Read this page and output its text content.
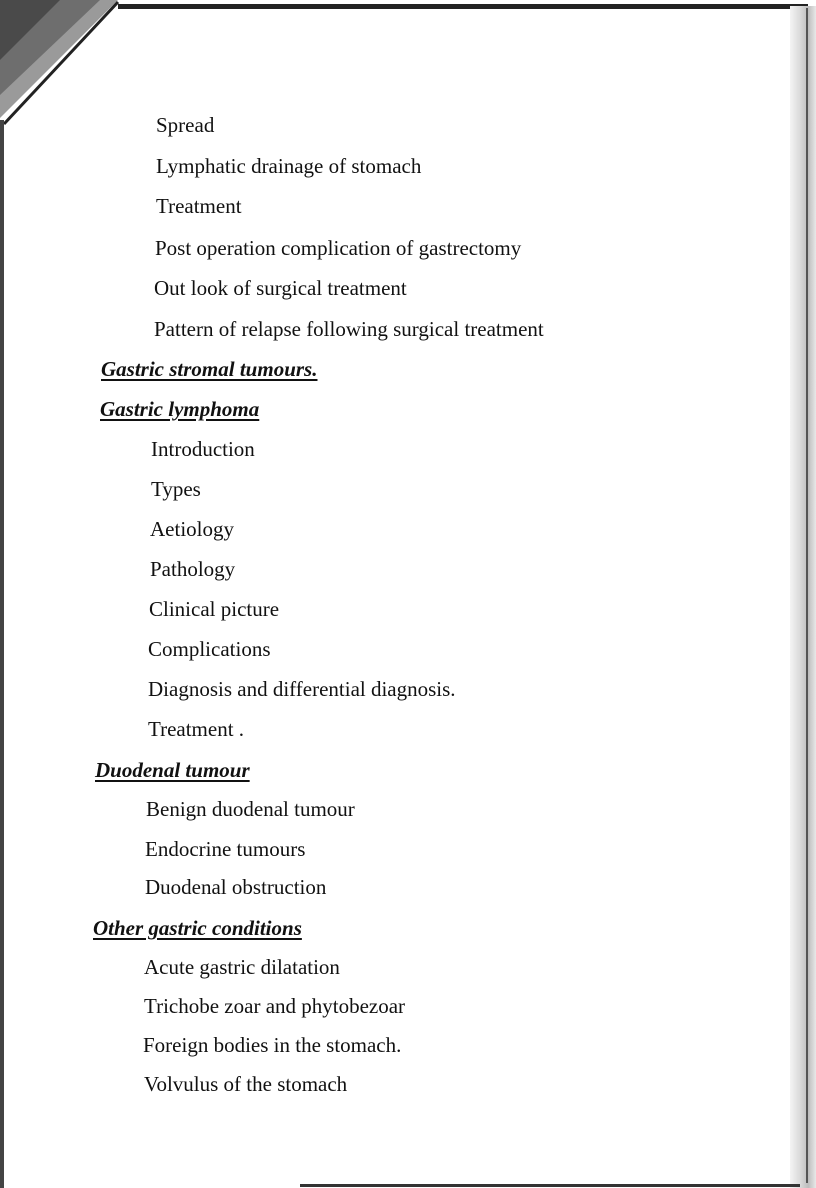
Spread

Lymphatic drainage of stomach

Treatment

Post operation complication of gastrectomy

Out look of surgical treatment

Pattern of relapse following surgical treatment

Gastric stromal tumours.

Gastric lymphoma

Introduction

Types

Aetiology

Pathology

Clinical picture

Complications

Diagnosis and differential diagnosis.

Treatment .

Duodenal tumour

Benign duodenal tumour

Endocrine tumours

Duodenal obstruction

Other gastric conditions

Acute gastric dilatation

Trichobe zoar and phytobezoar

Foreign bodies in the stomach.

Volvulus of the stomach
